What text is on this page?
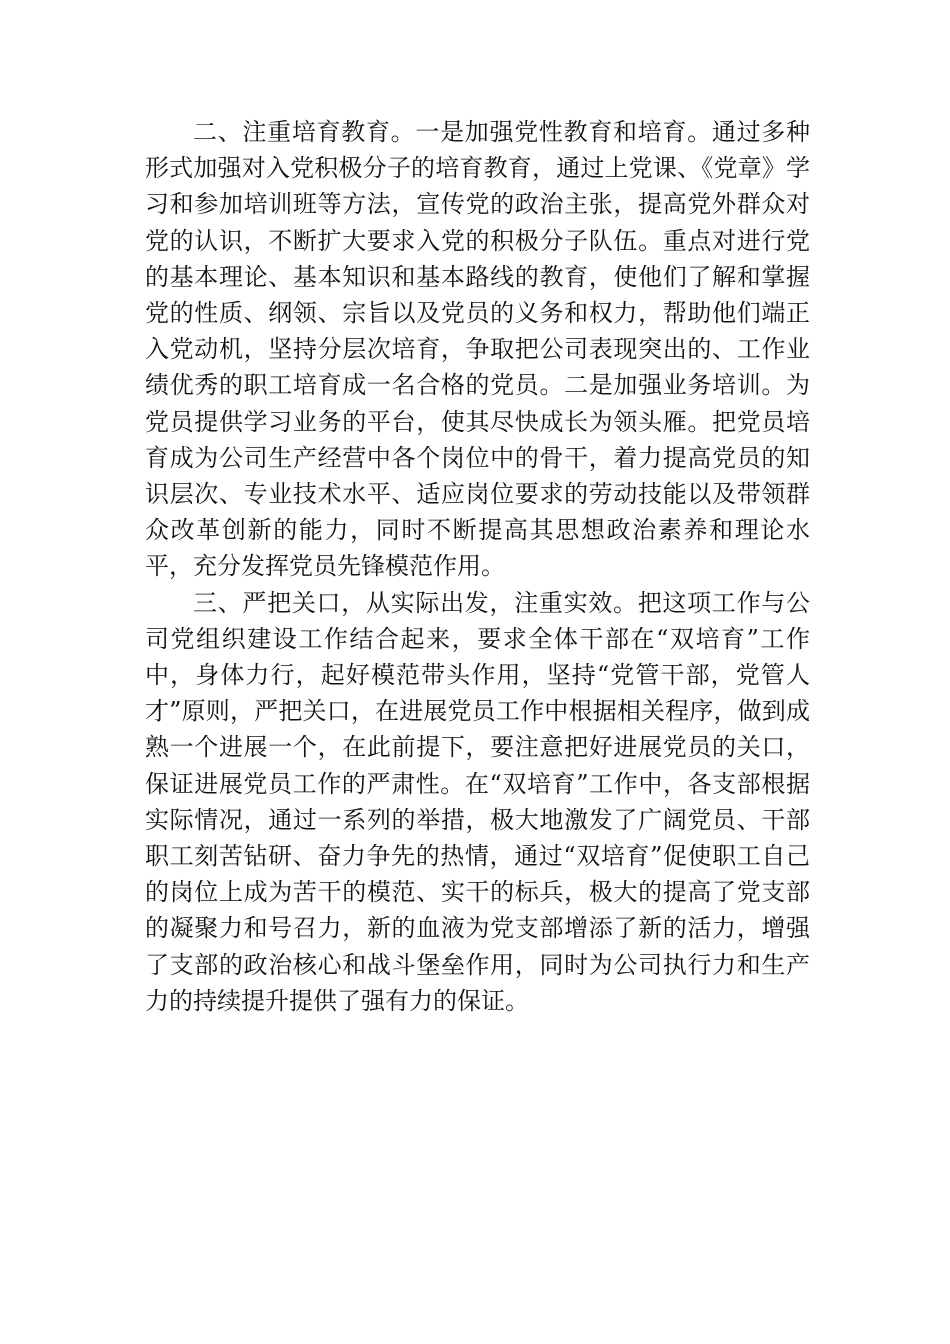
二、注重培育教育。一是加强党性教育和培育。通过多种形式加强对入党积极分子的培育教育，通过上党课、《党章》学习和参加培训班等方法，宣传党的政治主张，提高党外群众对党的认识，不断扩大要求入党的积极分子队伍。重点对进行党的基本理论、基本知识和基本路线的教育，使他们了解和掌握党的性质、纲领、宗旨以及党员的义务和权力，帮助他们端正入党动机，坚持分层次培育，争取把公司表现突出的、工作业绩优秀的职工培育成一名合格的党员。二是加强业务培训。为党员提供学习业务的平台，使其尽快成长为领头雁。把党员培育成为公司生产经营中各个岗位中的骨干，着力提高党员的知识层次、专业技术水平、适应岗位要求的劳动技能以及带领群众改革创新的能力，同时不断提高其思想政治素养和理论水平，充分发挥党员先锋模范作用。

三、严把关口，从实际出发，注重实效。把这项工作与公司党组织建设工作结合起来，要求全体干部在“双培育”工作中，身体力行，起好模范带头作用，坚持“党管干部，党管人才”原则，严把关口，在进展党员工作中根据相关程序，做到成熟一个进展一个，在此前提下，要注意把好进展党员的关口，保证进展党员工作的严肃性。在“双培育”工作中，各支部根据实际情况，通过一系列的举措，极大地激发了广阔党员、干部职工刻苦钻研、奋力争先的热情，通过“双培育”促使职工自己的岗位上成为苦干的模范、实干的标兵，极大的提高了党支部的凝聚力和号召力，新的血液为党支部增添了新的活力，增强了支部的政治核心和战斗堡垒作用，同时为公司执行力和生产力的持续提升提供了强有力的保证。
